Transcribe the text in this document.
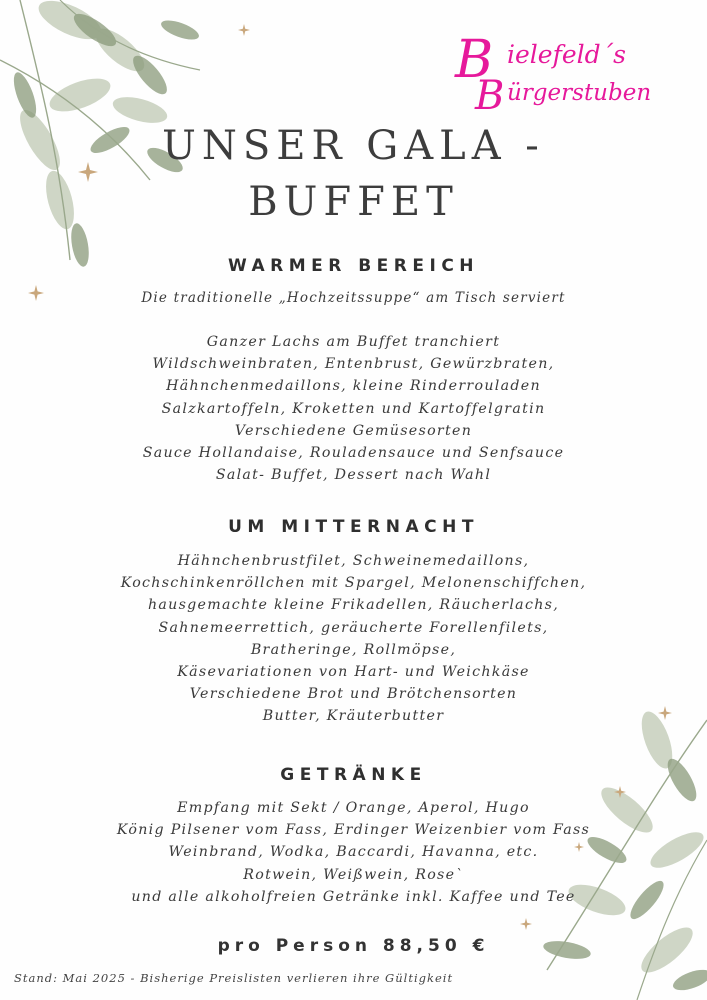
B ielefeld´s
B ürgerstuben
UNSER GALA -
BUFFET
WARMER BEREICH
Die traditionelle „Hochzeitssuppe“ am Tisch serviert
Ganzer Lachs am Buffet tranchiert
Wildschweinbraten, Entenbrust, Gewürzbraten,
Hähnchenmedaillons, kleine Rinderrouladen
Salzkartoffeln, Kroketten und Kartoffelgratin
Verschiedene Gemüsesorten
Sauce Hollandaise, Rouladensauce und Senfsauce
Salat- Buffet, Dessert nach Wahl
UM MITTERNACHT
Hähnchenbrustfilet, Schweinemedaillons,
Kochschinkenröllchen mit Spargel, Melonenschiffchen,
hausgemachte kleine Frikadellen, Räucherlachs,
Sahnemeerrettich, geräucherte Forellenfilets,
Bratheringe, Rollmöpse,
Käsevariationen von Hart- und Weichkäse
Verschiedene Brot und Brötchensorten
Butter, Kräuterbutter
GETRÄNKE
Empfang mit Sekt / Orange, Aperol, Hugo
König Pilsener vom Fass, Erdinger Weizenbier vom Fass
Weinbrand, Wodka, Baccardi, Havanna, etc.
Rotwein, Weißwein, Rose`
und alle alkoholfreien Getränke inkl. Kaffee und Tee
pro Person 88,50 €
Stand: Mai 2025 - Bisherige Preislisten verlieren ihre Gültigkeit
